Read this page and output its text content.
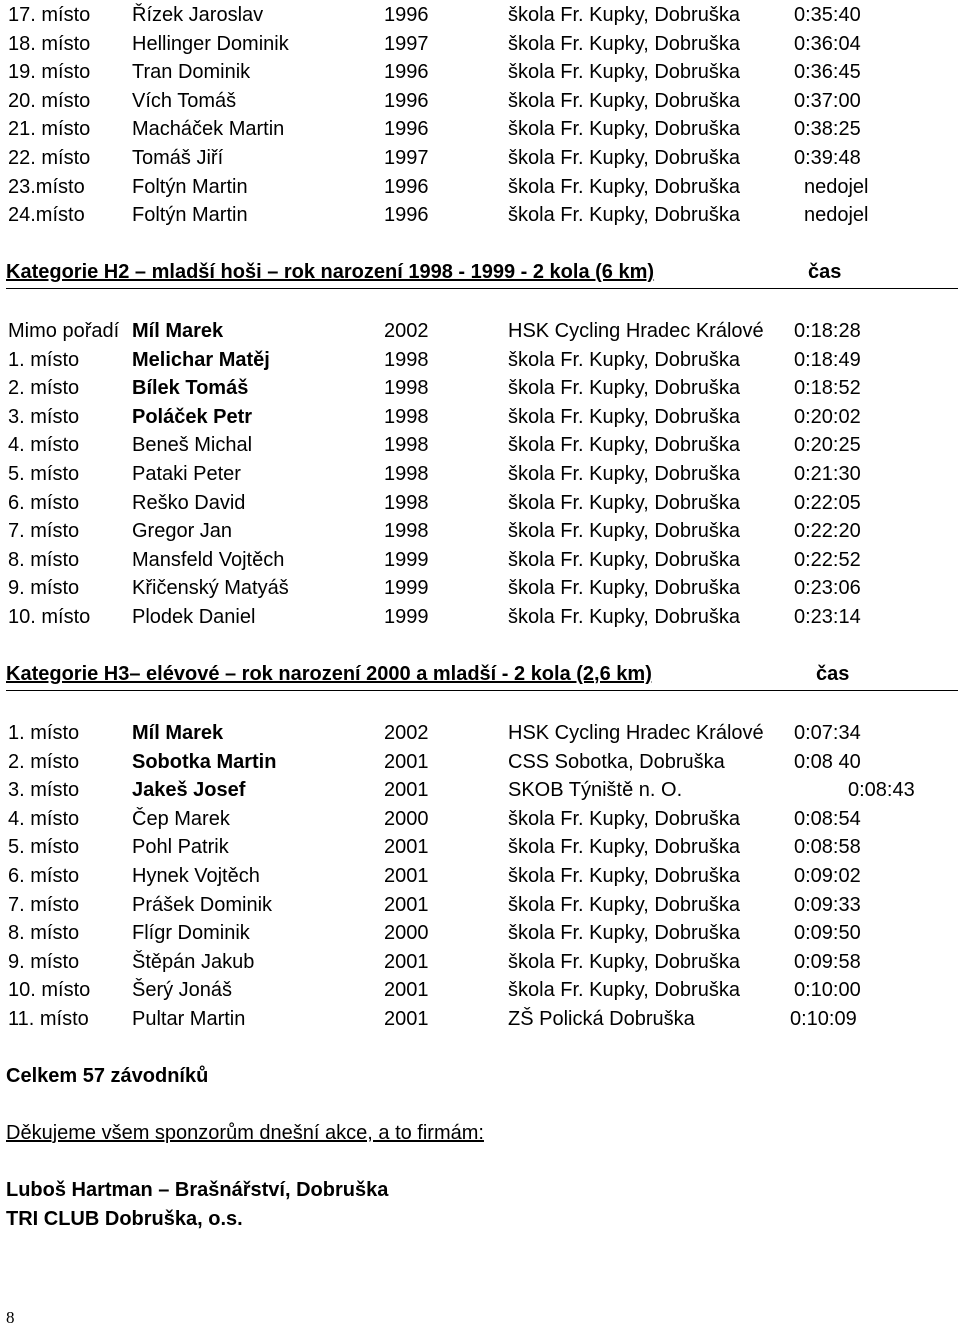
17. místo Řízek Jaroslav	1996	škola Fr. Kupky, Dobruška	0:35:40
18. místo Hellinger Dominik	1997	škola Fr. Kupky, Dobruška	0:36:04
19. místo Tran Dominik	1996	škola Fr. Kupky, Dobruška	0:36:45
20. místo Vích Tomáš	1996	škola Fr. Kupky, Dobruška	0:37:00
21. místo Macháček Martin	1996	škola Fr. Kupky, Dobruška	0:38:25
22. místo Tomáš Jiří	1997	škola Fr. Kupky, Dobruška	0:39:48
23.místo Foltýn Martin	1996	škola Fr. Kupky, Dobruška	nedojel
24.místo Foltýn Martin	1996	škola Fr. Kupky, Dobruška	nedojel
Kategorie H2 – mladší hoši – rok narození 1998 - 1999 - 2 kola (6 km)	čas
Mimo pořadí Míl Marek	2002	HSK Cycling Hradec Králové 0:18:28
1. místo	Melichar Matěj	1998	škola Fr. Kupky, Dobruška	0:18:49
2. místo	Bílek Tomáš	1998	škola Fr. Kupky, Dobruška	0:18:52
3. místo	Poláček Petr	1998	škola Fr. Kupky, Dobruška	0:20:02
4. místo	Beneš Michal	1998	škola Fr. Kupky, Dobruška	0:20:25
5. místo	Pataki Peter	1998	škola Fr. Kupky, Dobruška	0:21:30
6. místo	Reško David	1998	škola Fr. Kupky, Dobruška	0:22:05
7. místo	Gregor Jan	1998	škola Fr. Kupky, Dobruška	0:22:20
8. místo	Mansfeld Vojtěch	1999	škola Fr. Kupky, Dobruška	0:22:52
9. místo	Křičenský Matyáš	1999	škola Fr. Kupky, Dobruška	0:23:06
10. místo Plodek Daniel	1999	škola Fr. Kupky, Dobruška	0:23:14
Kategorie H3– elévové – rok narození 2000 a mladší - 2 kola (2,6 km)	čas
1. místo	Míl Marek	2002	HSK Cycling Hradec Králové 0:07:34
2. místo	Sobotka Martin	2001	CSS Sobotka, Dobruška	0:08 40
3. místo	Jakeš Josef	2001	SKOB Týniště n. O.	0:08:43
4. místo	Čep Marek	2000	škola Fr. Kupky, Dobruška	0:08:54
5. místo	Pohl Patrik	2001	škola Fr. Kupky, Dobruška	0:08:58
6. místo	Hynek Vojtěch	2001	škola Fr. Kupky, Dobruška	0:09:02
7. místo	Prášek Dominik	2001	škola Fr. Kupky, Dobruška	0:09:33
8. místo	Flígr Dominik	2000	škola Fr. Kupky, Dobruška	0:09:50
9. místo	Štěpán Jakub	2001	škola Fr. Kupky, Dobruška	0:09:58
10. místo Šerý Jonáš	2001	škola Fr. Kupky, Dobruška	0:10:00
11. místo Pultar Martin	2001	ZŠ Polická Dobruška	0:10:09
Celkem 57 závodníků
Děkujeme všem sponzorům dnešní akce, a to firmám:
Luboš Hartman – Brašnářství, Dobruška
TRI CLUB Dobruška, o.s.
8
